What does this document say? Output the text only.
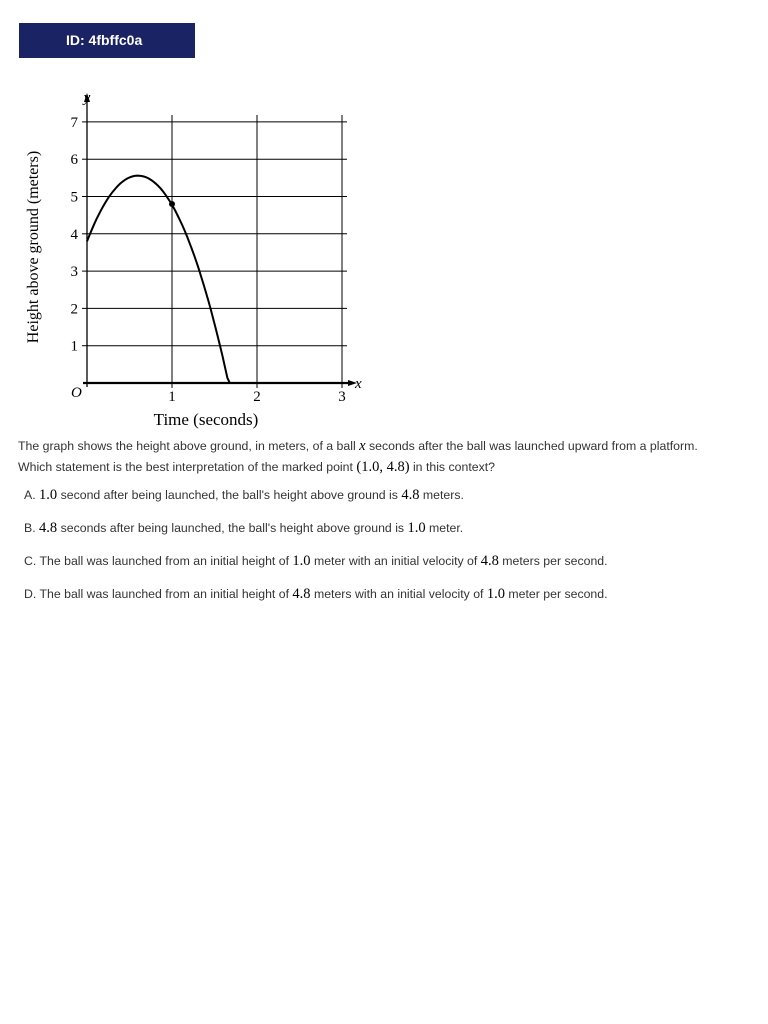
ID: 4fbffc0a
1
2
3
4
5
6
7
1	2	3
y
x
O
Time (seconds)
Height above ground (meters)
The graph shows the height above ground, in meters, of a ball x seconds after the ball was launched upward from a platform. Which statement is the best interpretation of the marked point (1.0, 4.8) in this context?
A. 1.0 second after being launched, the ball's height above ground is 4.8 meters.
B. 4.8 seconds after being launched, the ball's height above ground is 1.0 meter.
C. The ball was launched from an initial height of 1.0 meter with an initial velocity of 4.8 meters per second.
D. The ball was launched from an initial height of 4.8 meters with an initial velocity of 1.0 meter per second.
